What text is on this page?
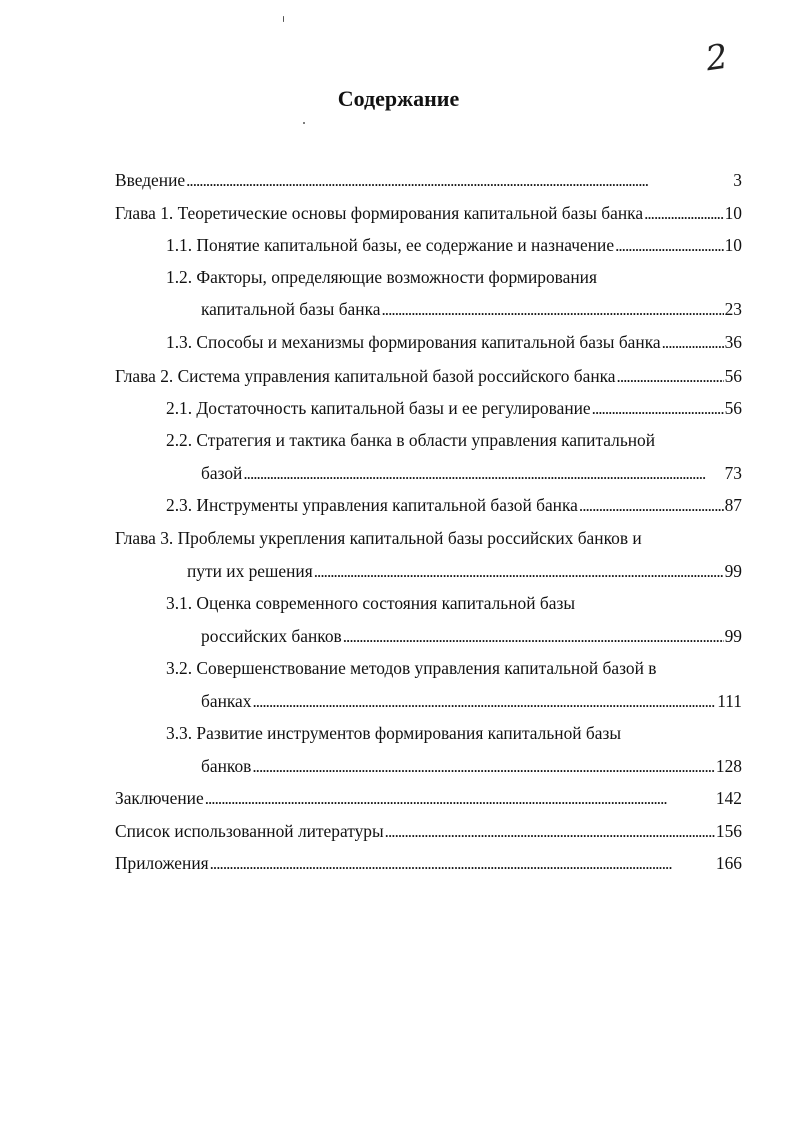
2
Содержание
Введение . . .	3
Глава 1. Теоретические основы формирования капитальной базы банка . . .	10
1.1. Понятие капитальной базы, ее содержание и назначение . . .	10
1.2. Факторы, определяющие возможности формирования
капитальной базы банка . . .	23
1.3. Способы и механизмы формирования капитальной базы банка . . .	36
Глава 2. Система управления капитальной базой российского банка . . .	56
2.1. Достаточность капитальной базы и ее регулирование . . .	56
2.2. Стратегия и тактика банка в области управления капитальной
базой . . .	73
2.3. Инструменты управления капитальной базой банка . . .	87
Глава 3. Проблемы укрепления капитальной базы российских банков и
пути их решения . . .	99
3.1. Оценка современного состояния капитальной базы
российских банков . . .	99
3.2. Совершенствование методов управления капитальной базой в
банках . . .	111
3.3. Развитие инструментов формирования капитальной базы
банков . . .	128
Заключение . . .	142
Список использованной литературы . . .	156
Приложения . . .	166
